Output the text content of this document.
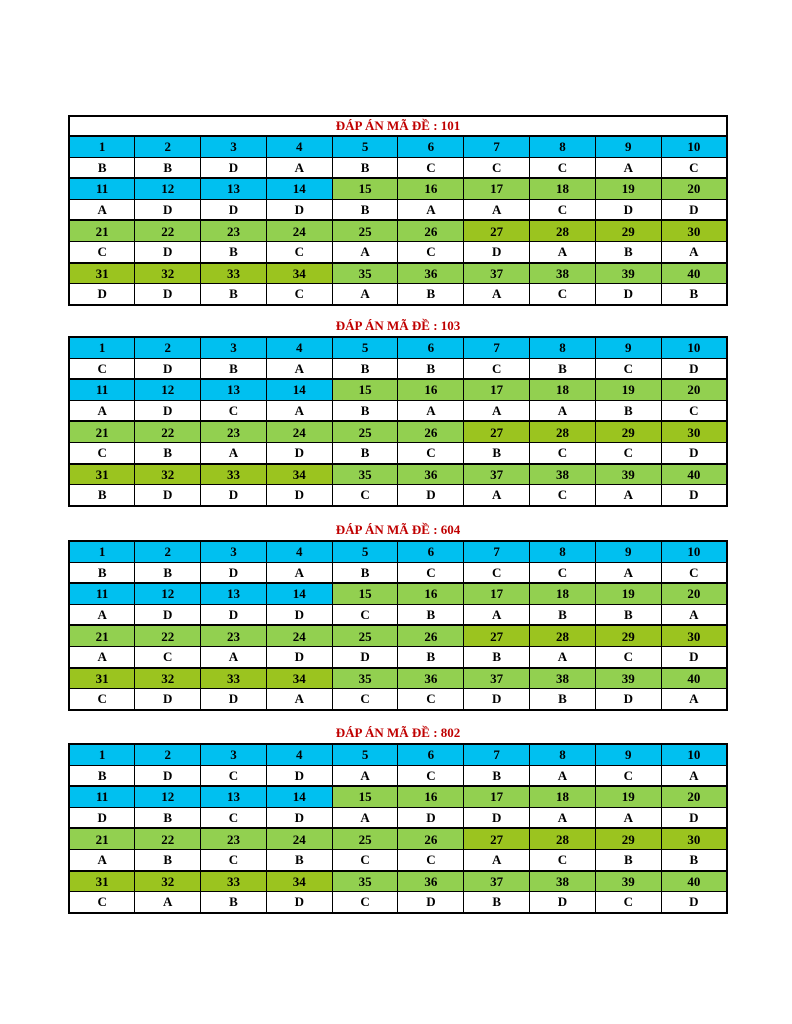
ĐÁP ÁN MÃ ĐỀ : 101
1	2	3	4	5	6	7	8	9	10
B	B	D	A	B	C	C	C	A	C
11	12	13	14	15	16	17	18	19	20
A	D	D	D	B	A	A	C	D	D
21	22	23	24	25	26	27	28	29	30
C	D	B	C	A	C	D	A	B	A
31	32	33	34	35	36	37	38	39	40
D	D	B	C	A	B	A	C	D	B
ĐÁP ÁN MÃ ĐỀ : 103
1	2	3	4	5	6	7	8	9	10
C	D	B	A	B	B	C	B	C	D
11	12	13	14	15	16	17	18	19	20
A	D	C	A	B	A	A	A	B	C
21	22	23	24	25	26	27	28	29	30
C	B	A	D	B	C	B	C	C	D
31	32	33	34	35	36	37	38	39	40
B	D	D	D	C	D	A	C	A	D
ĐÁP ÁN MÃ ĐỀ : 604
1	2	3	4	5	6	7	8	9	10
B	B	D	A	B	C	C	C	A	C
11	12	13	14	15	16	17	18	19	20
A	D	D	D	C	B	A	B	B	A
21	22	23	24	25	26	27	28	29	30
A	C	A	D	D	B	B	A	C	D
31	32	33	34	35	36	37	38	39	40
C	D	D	A	C	C	D	B	D	A
ĐÁP ÁN MÃ ĐỀ : 802
1	2	3	4	5	6	7	8	9	10
B	D	C	D	A	C	B	A	C	A
11	12	13	14	15	16	17	18	19	20
D	B	C	D	A	D	D	A	A	D
21	22	23	24	25	26	27	28	29	30
A	B	C	B	C	C	A	C	B	B
31	32	33	34	35	36	37	38	39	40
C	A	B	D	C	D	B	D	C	D
